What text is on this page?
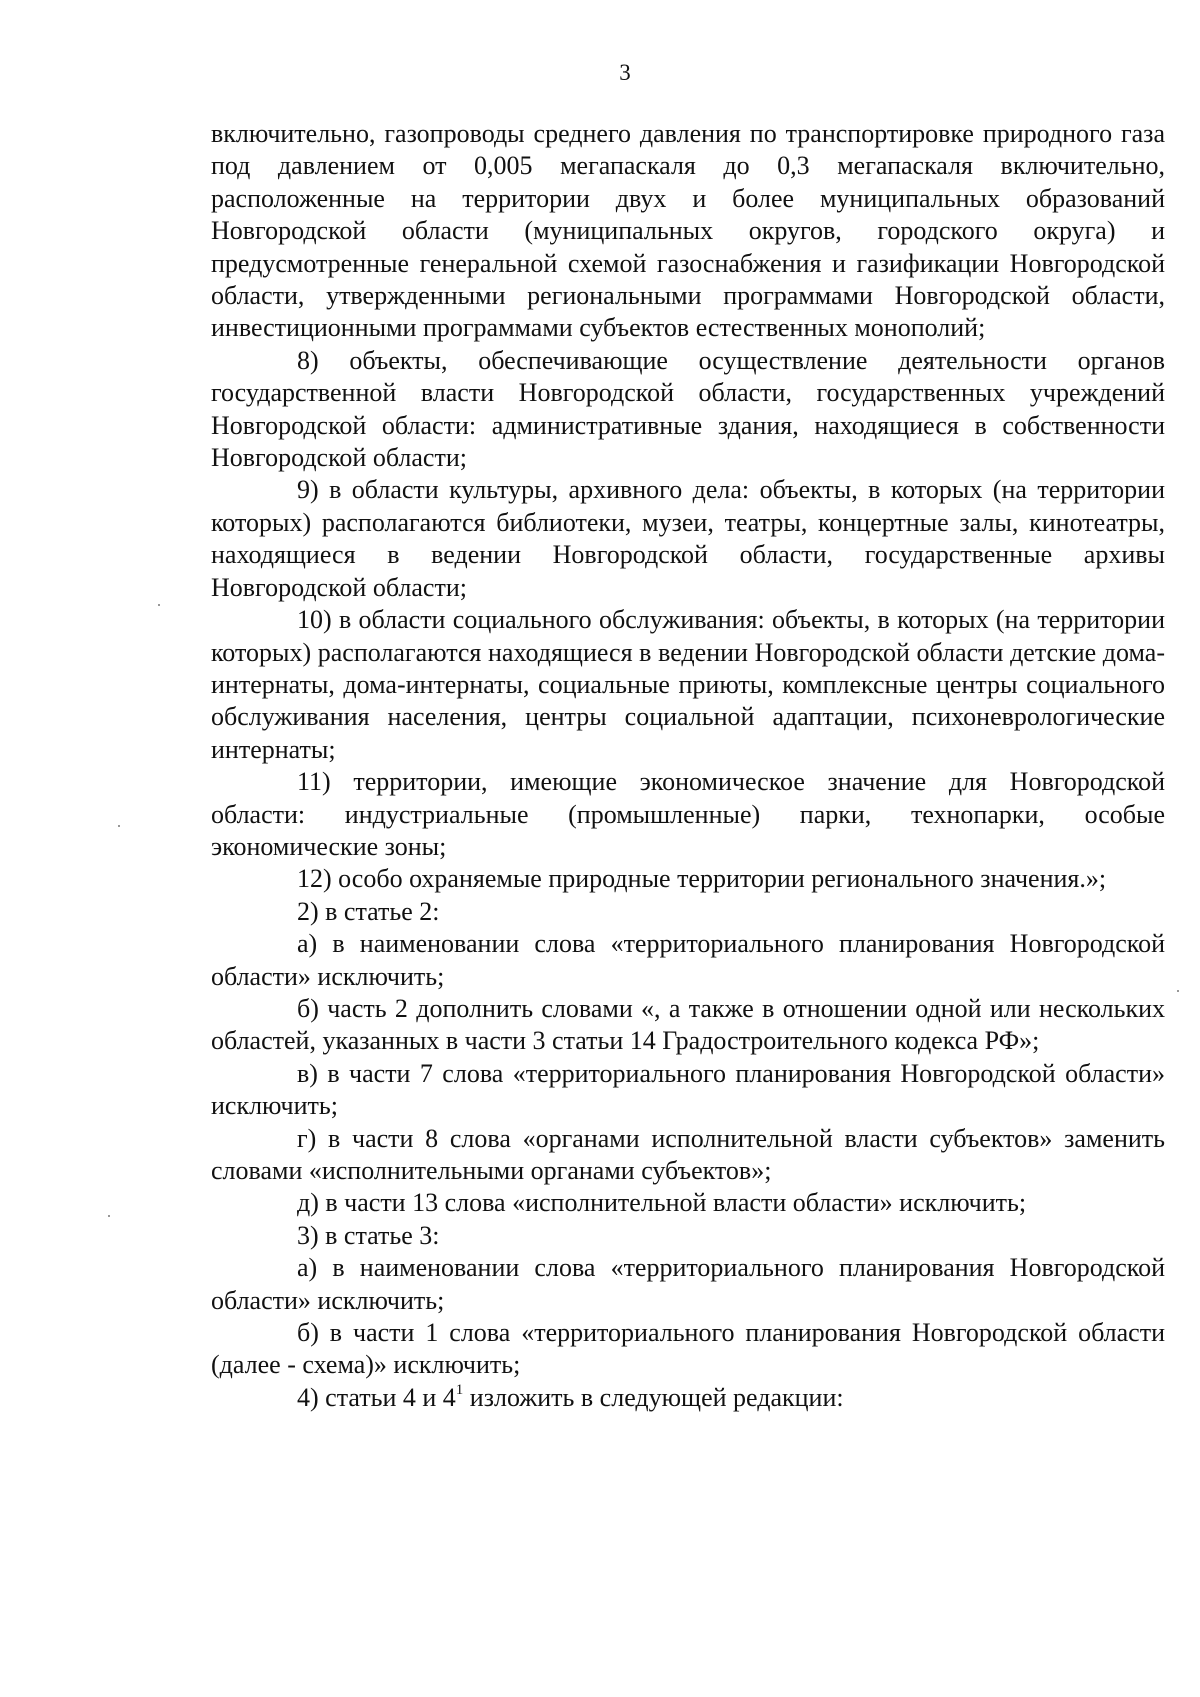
3

включительно, газопроводы среднего давления по транспортировке природного газа под давлением от 0,005 мегапаскаля до 0,3 мегапаскаля включительно, расположенные на территории двух и более муниципальных образований Новгородской области (муниципальных округов, городского округа) и предусмотренные генеральной схемой газоснабжения и газификации Новгородской области, утвержденными региональными программами Новгородской области, инвестиционными программами субъектов естественных монополий;

8) объекты, обеспечивающие осуществление деятельности органов государственной власти Новгородской области, государственных учреждений Новгородской области: административные здания, находящиеся в собственности Новгородской области;

9) в области культуры, архивного дела: объекты, в которых (на территории которых) располагаются библиотеки, музеи, театры, концертные залы, кинотеатры, находящиеся в ведении Новгородской области, государственные архивы Новгородской области;

10) в области социального обслуживания: объекты, в которых (на территории которых) располагаются находящиеся в ведении Новгородской области детские дома-интернаты, дома-интернаты, социальные приюты, комплексные центры социального обслуживания населения, центры социальной адаптации, психоневрологические интернаты;

11) территории, имеющие экономическое значение для Новгородской области: индустриальные (промышленные) парки, технопарки, особые экономические зоны;

12) особо охраняемые природные территории регионального значения.»;

2) в статье 2:

а) в наименовании слова «территориального планирования Новгородской области» исключить;

б) часть 2 дополнить словами «, а также в отношении одной или нескольких областей, указанных в части 3 статьи 14 Градостроительного кодекса РФ»;

в) в части 7 слова «территориального планирования Новгородской области» исключить;

г) в части 8 слова «органами исполнительной власти субъектов» заменить словами «исполнительными органами субъектов»;

д) в части 13 слова «исполнительной власти области» исключить;

3) в статье 3:

а) в наименовании слова «территориального планирования Новгородской области» исключить;

б) в части 1 слова «территориального планирования Новгородской области (далее - схема)» исключить;

4) статьи 4 и $4^1$ изложить в следующей редакции:
